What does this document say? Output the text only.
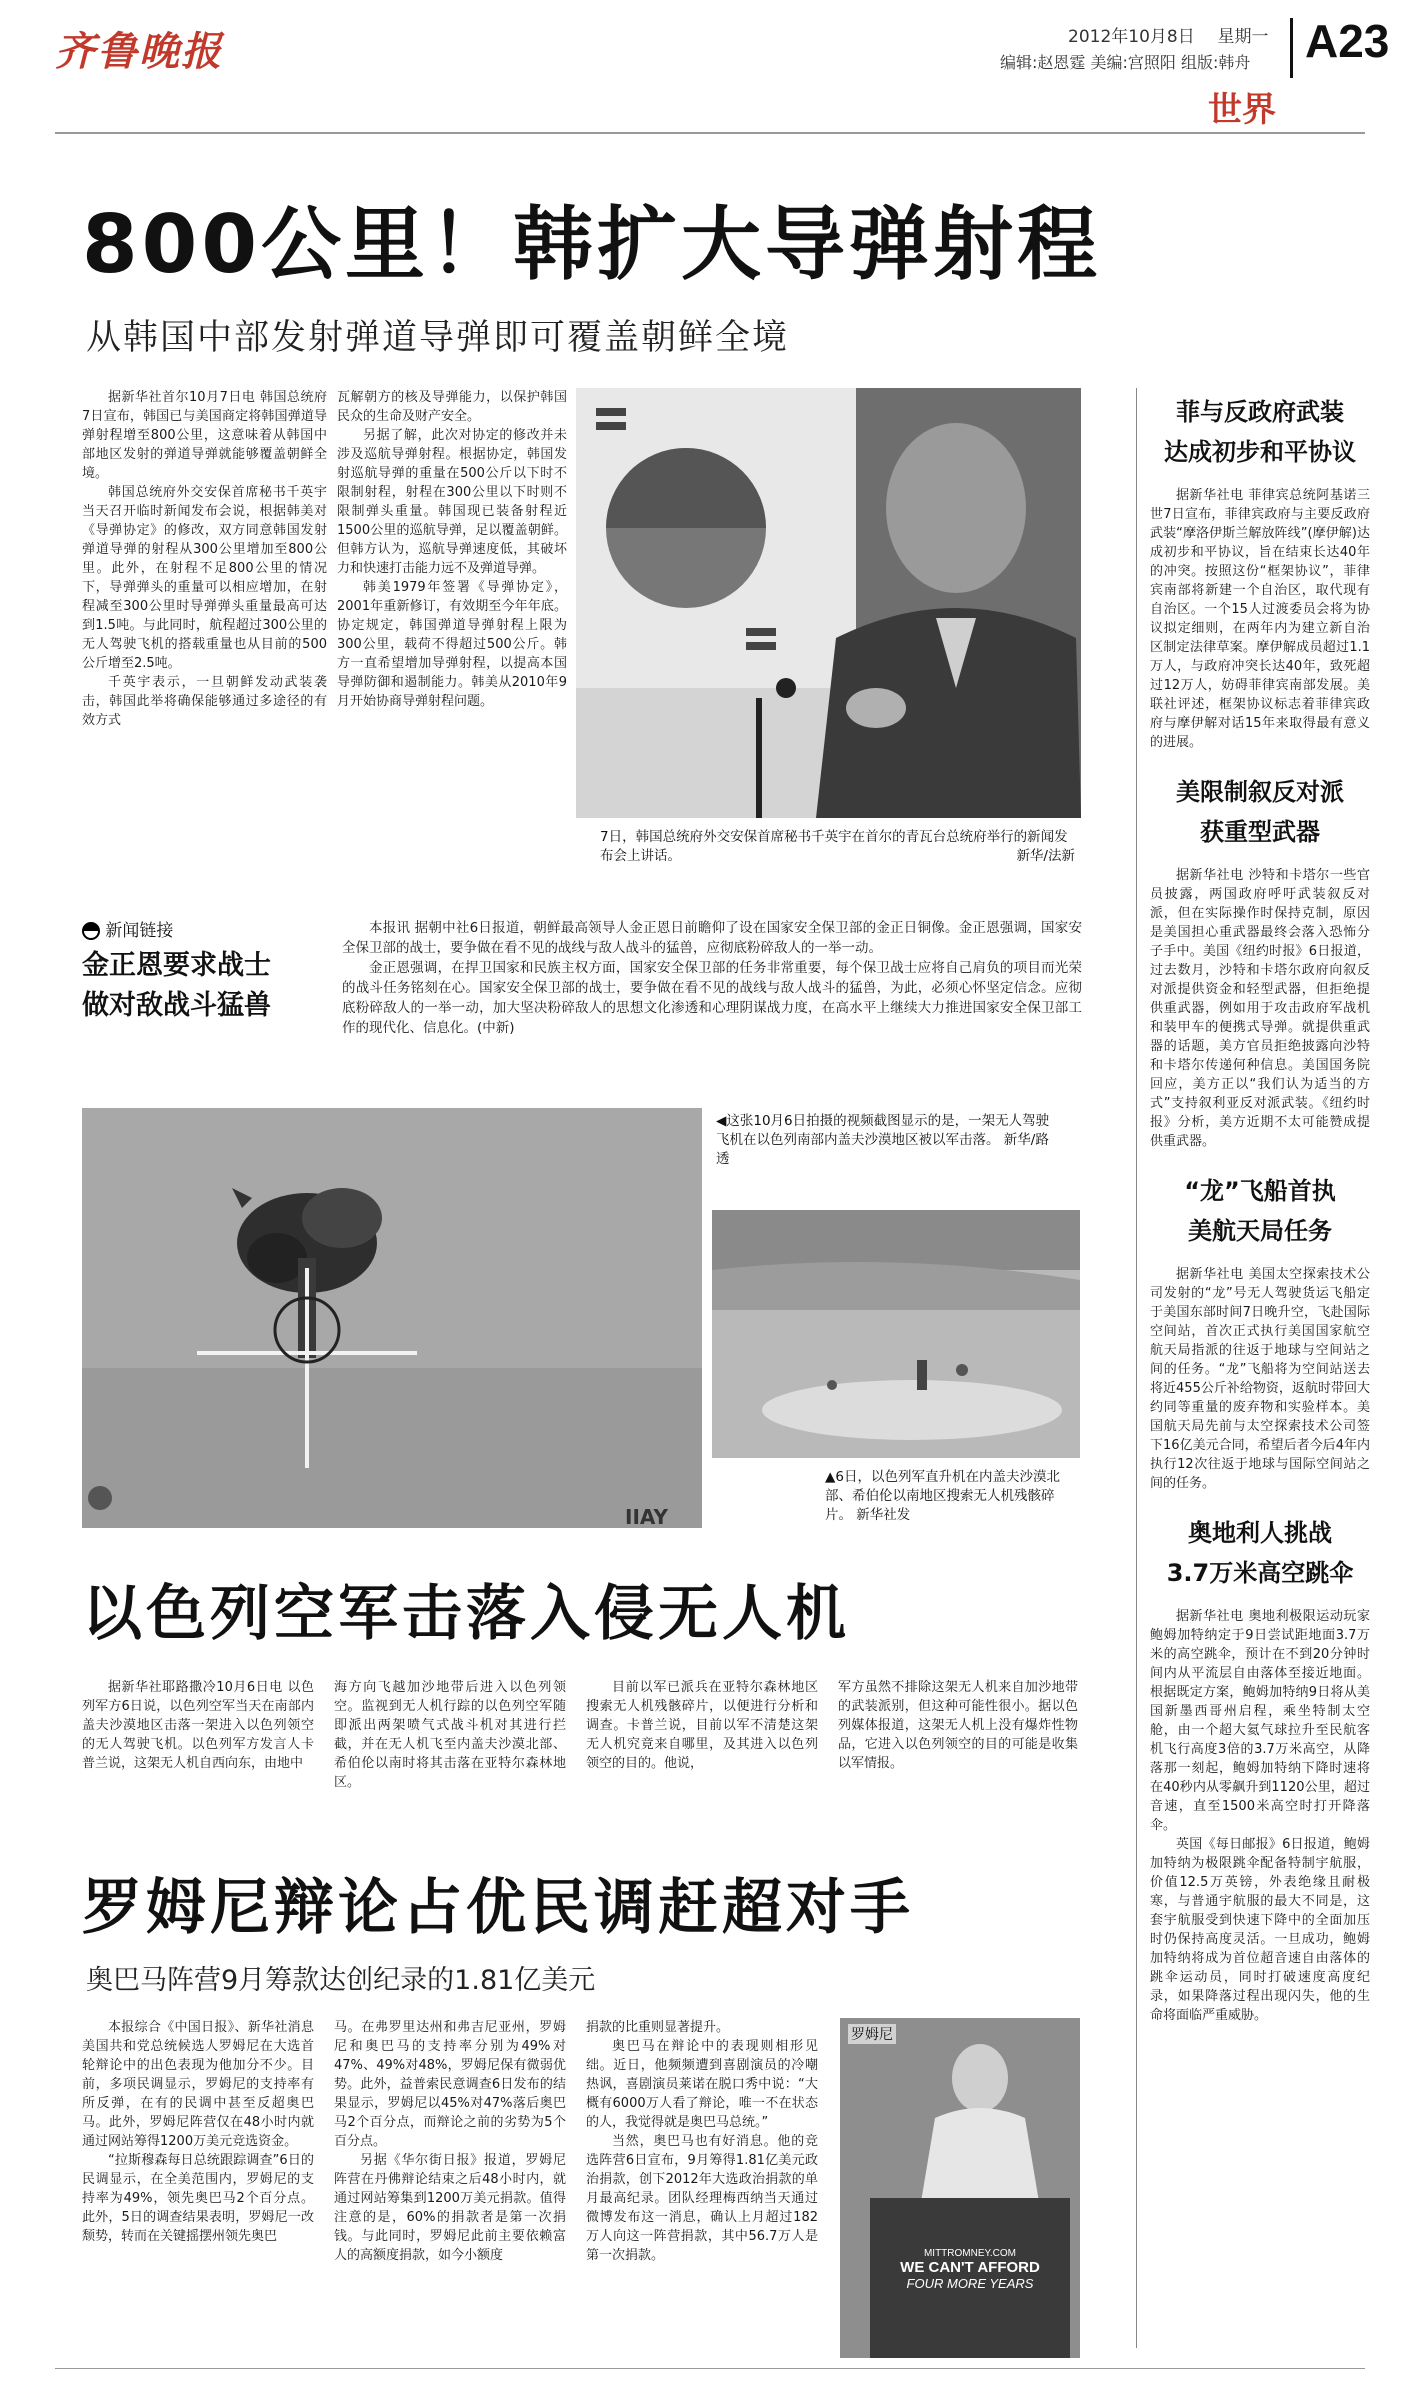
齐鲁晚报	2012年10月8日 星期一
编辑:赵恩霆 美编:宫照阳 组版:韩舟 A23
世界
800公里！韩扩大导弹射程
从韩国中部发射弹道导弹即可覆盖朝鲜全境

据新华社首尔10月7日电 韩国总统府7日宣布，韩国已与美国商定将韩国弹道导弹射程增至800公里，这意味着从韩国中部地区发射的弹道导弹就能够覆盖朝鲜全境。

韩国总统府外交安保首席秘书千英宇当天召开临时新闻发布会说，根据韩美对《导弹协定》的修改，双方同意韩国发射弹道导弹的射程从300公里增加至800公里。此外，在射程不足800公里的情况下，导弹弹头的重量可以相应增加，在射程减至300公里时导弹弹头重量最高可达到1.5吨。与此同时，航程超过300公里的无人驾驶飞机的搭载重量也从目前的500公斤增至2.5吨。

千英宇表示，一旦朝鲜发动武装袭击，韩国此举将确保能够通过多途径的有效方式

瓦解朝方的核及导弹能力，以保护韩国民众的生命及财产安全。

另据了解，此次对协定的修改并未涉及巡航导弹射程。根据协定，韩国发射巡航导弹的重量在500公斤以下时不限制射程，射程在300公里以下时则不限制弹头重量。韩国现已装备射程近1500公里的巡航导弹，足以覆盖朝鲜。但韩方认为，巡航导弹速度低，其破坏力和快速打击能力远不及弹道导弹。

韩美1979年签署《导弹协定》，2001年重新修订，有效期至今年年底。协定规定，韩国弹道导弹射程上限为300公里，载荷不得超过500公斤。韩方一直希望增加导弹射程，以提高本国导弹防御和遏制能力。韩美从2010年9月开始协商导弹射程问题。

7日，韩国总统府外交安保首席秘书千英宇在首尔的青瓦台总统府举行的新闻发布会上讲话。	新华/法新
新闻链接
金正恩要求战士
做对敌战斗猛兽

本报讯 据朝中社6日报道，朝鲜最高领导人金正恩日前瞻仰了设在国家安全保卫部的金正日铜像。金正恩强调，国家安全保卫部的战士，要争做在看不见的战线与敌人战斗的猛兽，应彻底粉碎敌人的一举一动。

金正恩强调，在捍卫国家和民族主权方面，国家安全保卫部的任务非常重要，每个保卫战士应将自己肩负的项目而光荣的战斗任务铭刻在心。国家安全保卫部的战士，要争做在看不见的战线与敌人战斗的猛兽，为此，必须心怀坚定信念。应彻底粉碎敌人的一举一动，加大坚决粉碎敌人的思想文化渗透和心理阴谋战力度，在高水平上继续大力推进国家安全保卫部工作的现代化、信息化。(中新)

◀这张10月6日拍摄的视频截图显示的是，一架无人驾驶飞机在以色列南部内盖夫沙漠地区被以军击落。 新华/路透
IIAY
▲6日，以色列军直升机在内盖夫沙漠北部、希伯伦以南地区搜索无人机残骸碎片。 新华社发
以色列空军击落入侵无人机
据新华社耶路撒冷10月6日电 以色列军方6日说，以色列空军当天在南部内盖夫沙漠地区击落一架进入以色列领空的无人驾驶飞机。以色列军方发言人卡普兰说，这架无人机自西向东，由地中
海方向飞越加沙地带后进入以色列领空。监视到无人机行踪的以色列空军随即派出两架喷气式战斗机对其进行拦截，并在无人机飞至内盖夫沙漠北部、希伯伦以南时将其击落在亚特尔森林地区。
目前以军已派兵在亚特尔森林地区搜索无人机残骸碎片，以便进行分析和调查。卡普兰说，目前以军不清楚这架无人机究竟来自哪里，及其进入以色列领空的目的。他说，
军方虽然不排除这架无人机来自加沙地带的武装派别，但这种可能性很小。据以色列媒体报道，这架无人机上没有爆炸性物品，它进入以色列领空的目的可能是收集以军情报。
罗姆尼辩论占优民调赶超对手
奥巴马阵营9月筹款达创纪录的1.81亿美元

本报综合《中国日报》、新华社消息 美国共和党总统候选人罗姆尼在大选首轮辩论中的出色表现为他加分不少。目前，多项民调显示，罗姆尼的支持率有所反弹，在有的民调中甚至反超奥巴马。此外，罗姆尼阵营仅在48小时内就通过网站筹得1200万美元竞选资金。

“拉斯穆森每日总统跟踪调查”6日的民调显示，在全美范围内，罗姆尼的支持率为49%，领先奥巴马2个百分点。此外，5日的调查结果表明，罗姆尼一改颓势，转而在关键摇摆州领先奥巴

马。在弗罗里达州和弗吉尼亚州，罗姆尼和奥巴马的支持率分别为49%对47%、49%对48%，罗姆尼保有微弱优势。此外，益普索民意调查6日发布的结果显示，罗姆尼以45%对47%落后奥巴马2个百分点，而辩论之前的劣势为5个百分点。

另据《华尔街日报》报道，罗姆尼阵营在丹佛辩论结束之后48小时内，就通过网站筹集到1200万美元捐款。值得注意的是，60%的捐款者是第一次捐钱。与此同时，罗姆尼此前主要依赖富人的高额度捐款，如今小额度

捐款的比重则显著提升。

奥巴马在辩论中的表现则相形见绌。近日，他频频遭到喜剧演员的冷嘲热讽，喜剧演员莱诺在脱口秀中说：“大概有6000万人看了辩论，唯一不在状态的人，我觉得就是奥巴马总统。”

当然，奥巴马也有好消息。他的竞选阵营6日宣布，9月筹得1.81亿美元政治捐款，创下2012年大选政治捐款的单月最高纪录。团队经理梅西纳当天通过微博发布这一消息，确认上月超过182万人向这一阵营捐款，其中56.7万人是第一次捐款。

罗姆尼
MITTROMNEY.COM
WE CAN'T AFFORD
FOUR MORE YEARS
菲与反政府武装
达成初步和平协议
据新华社电 菲律宾总统阿基诺三世7日宣布，菲律宾政府与主要反政府武装“摩洛伊斯兰解放阵线”(摩伊解)达成初步和平协议，旨在结束长达40年的冲突。按照这份“框架协议”，菲律宾南部将新建一个自治区，取代现有自治区。一个15人过渡委员会将为协议拟定细则，在两年内为建立新自治区制定法律草案。摩伊解成员超过1.1万人，与政府冲突长达40年，致死超过12万人，妨碍菲律宾南部发展。美联社评述，框架协议标志着菲律宾政府与摩伊解对话15年来取得最有意义的进展。
美限制叙反对派
获重型武器
据新华社电 沙特和卡塔尔一些官员披露，两国政府呼吁武装叙反对派，但在实际操作时保持克制，原因是美国担心重武器最终会落入恐怖分子手中。美国《纽约时报》6日报道，过去数月，沙特和卡塔尔政府向叙反对派提供资金和轻型武器，但拒绝提供重武器，例如用于攻击政府军战机和装甲车的便携式导弹。就提供重武器的话题，美方官员拒绝披露向沙特和卡塔尔传递何种信息。美国国务院回应，美方正以“我们认为适当的方式”支持叙利亚反对派武装。《纽约时报》分析，美方近期不太可能赞成提供重武器。
“龙”飞船首执
美航天局任务
据新华社电 美国太空探索技术公司发射的“龙”号无人驾驶货运飞船定于美国东部时间7日晚升空，飞赴国际空间站，首次正式执行美国国家航空航天局指派的往返于地球与空间站之间的任务。“龙”飞船将为空间站送去将近455公斤补给物资，返航时带回大约同等重量的废弃物和实验样本。美国航天局先前与太空探索技术公司签下16亿美元合同，希望后者今后4年内执行12次往返于地球与国际空间站之间的任务。
奥地利人挑战
3.7万米高空跳伞

据新华社电 奥地利极限运动玩家鲍姆加特纳定于9日尝试距地面3.7万米的高空跳伞，预计在不到20分钟时间内从平流层自由落体至接近地面。根据既定方案，鲍姆加特纳9日将从美国新墨西哥州启程，乘坐特制太空舱，由一个超大氦气球拉升至民航客机飞行高度3倍的3.7万米高空，从降落那一刻起，鲍姆加特纳下降时速将在40秒内从零飙升到1120公里，超过音速，直至1500米高空时打开降落伞。

英国《每日邮报》6日报道，鲍姆加特纳为极限跳伞配备特制宇航服，价值12.5万英镑，外表绝缘且耐极寒，与普通宇航服的最大不同是，这套宇航服受到快速下降中的全面加压时仍保持高度灵活。一旦成功，鲍姆加特纳将成为首位超音速自由落体的跳伞运动员，同时打破速度高度纪录，如果降落过程出现闪失，他的生命将面临严重威胁。
